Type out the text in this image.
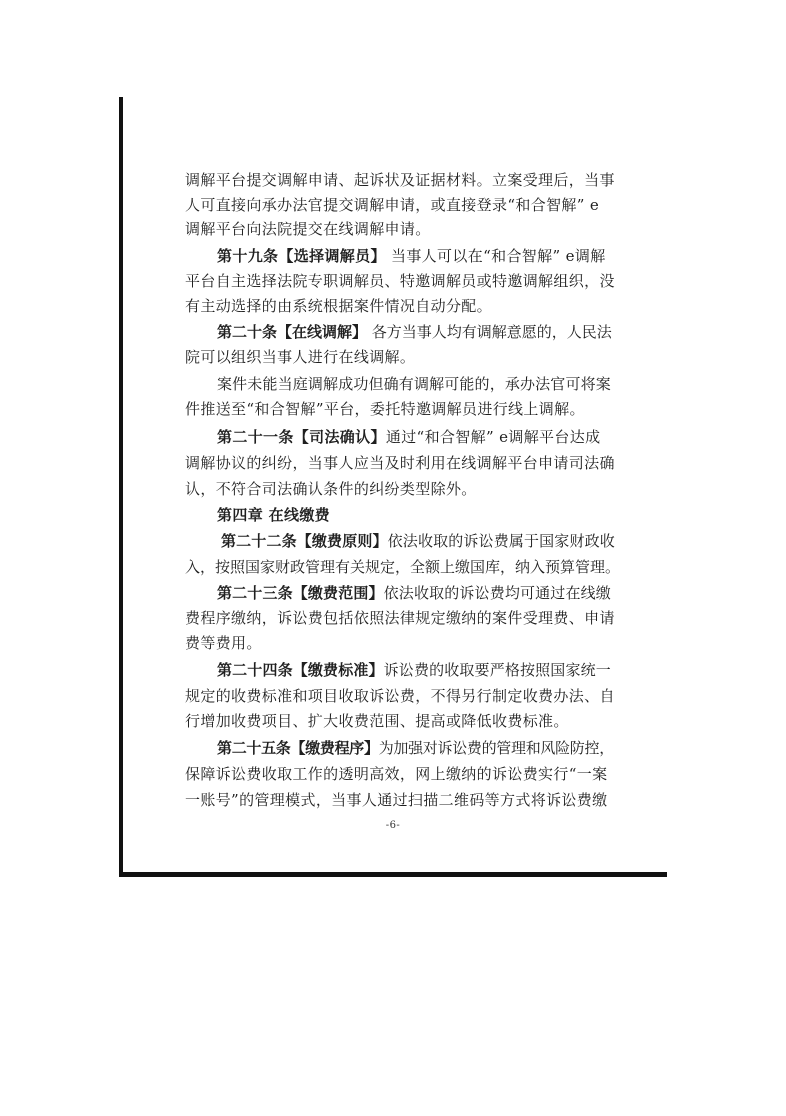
调解平台提交调解申请、起诉状及证据材料。立案受理后，当事
人可直接向承办法官提交调解申请，或直接登录“和合智解” e
调解平台向法院提交在线调解申请。
第十九条【选择调解员】 当事人可以在“和合智解” e调解
平台自主选择法院专职调解员、特邀调解员或特邀调解组织，没
有主动选择的由系统根据案件情况自动分配。
第二十条【在线调解】 各方当事人均有调解意愿的，人民法
院可以组织当事人进行在线调解。
案件未能当庭调解成功但确有调解可能的，承办法官可将案
件推送至“和合智解”平台，委托特邀调解员进行线上调解。
第二十一条【司法确认】通过“和合智解” e调解平台达成
调解协议的纠纷，当事人应当及时利用在线调解平台申请司法确
认，不符合司法确认条件的纠纷类型除外。
第四章 在线缴费
第二十二条【缴费原则】依法收取的诉讼费属于国家财政收
入，按照国家财政管理有关规定，全额上缴国库，纳入预算管理。
第二十三条【缴费范围】依法收取的诉讼费均可通过在线缴
费程序缴纳，诉讼费包括依照法律规定缴纳的案件受理费、申请
费等费用。
第二十四条【缴费标准】诉讼费的收取要严格按照国家统一
规定的收费标准和项目收取诉讼费，不得另行制定收费办法、自
行增加收费项目、扩大收费范围、提高或降低收费标准。
第二十五条【缴费程序】为加强对诉讼费的管理和风险防控，
保障诉讼费收取工作的透明高效，网上缴纳的诉讼费实行“一案
一账号”的管理模式，当事人通过扫描二维码等方式将诉讼费缴
-6-
